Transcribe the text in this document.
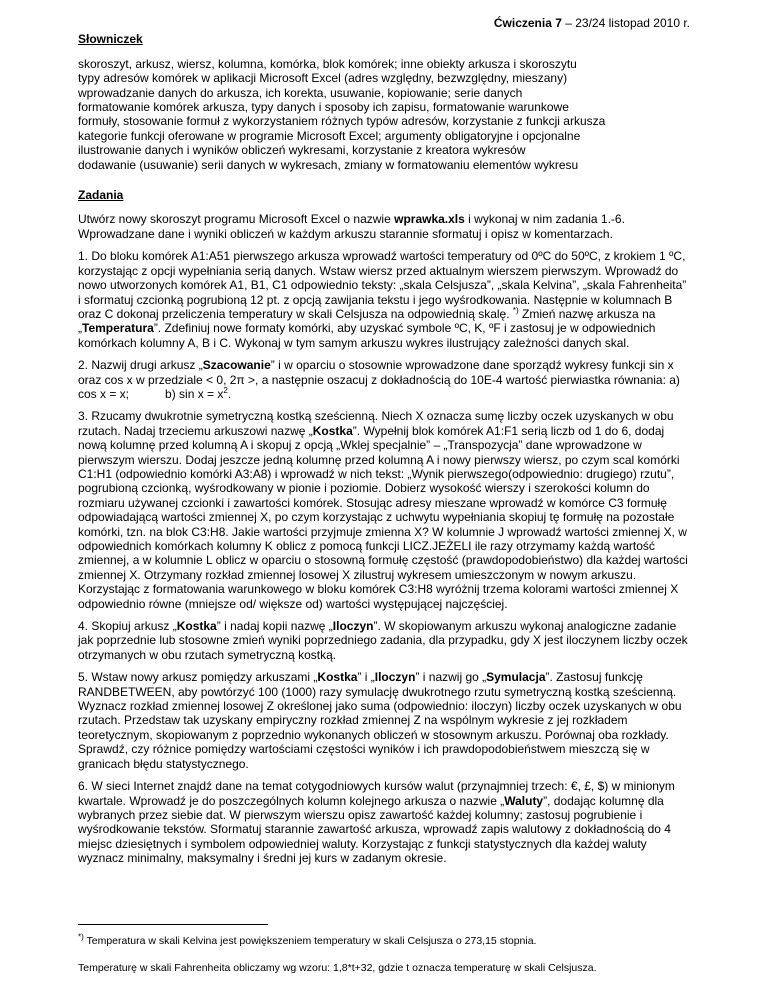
Ćwiczenia 7 – 23/24 listopad 2010 r.
Słowniczek
skoroszyt, arkusz, wiersz, kolumna, komórka, blok komórek; inne obiekty arkusza i skoroszytu
typy adresów komórek w aplikacji Microsoft Excel (adres względny, bezwzględny, mieszany)
wprowadzanie danych do arkusza, ich korekta, usuwanie, kopiowanie; serie danych
formatowanie komórek arkusza, typy danych i sposoby ich zapisu, formatowanie warunkowe
formuły, stosowanie formuł z wykorzystaniem różnych typów adresów, korzystanie z funkcji arkusza
kategorie funkcji oferowane w programie Microsoft Excel; argumenty obligatoryjne i opcjonalne
ilustrowanie danych i wyników obliczeń wykresami, korzystanie z kreatora wykresów
dodawanie (usuwanie) serii danych w wykresach, zmiany w formatowaniu elementów wykresu
Zadania

Utwórz nowy skoroszyt programu Microsoft Excel o nazwie wprawka.xls i wykonaj w nim zadania 1.-6.
Wprowadzane dane i wyniki obliczeń w każdym arkuszu starannie sformatuj i opisz w komentarzach.

1. Do bloku komórek A1:A51 pierwszego arkusza wprowadź wartości temperatury od 0ºC do 50ºC, z krokiem 1 ºC, korzystając z opcji wypełniania serią danych. Wstaw wiersz przed aktualnym wierszem pierwszym. Wprowadź do nowo utworzonych komórek A1, B1, C1 odpowiednio teksty: „skala Celsjusza”, „skala Kelvina”, „skala Fahrenheita” i sformatuj czcionką pogrubioną 12 pt. z opcją zawijania tekstu i jego wyśrodkowania. Następnie w kolumnach B oraz C dokonaj przeliczenia temperatury w skali Celsjusza na odpowiednią skalę. *) Zmień nazwę arkusza na „Temperatura”. Zdefiniuj nowe formaty komórki, aby uzyskać symbole ºC, K, ºF i zastosuj je w odpowiednich komórkach kolumny A, B i C. Wykonaj w tym samym arkuszu wykres ilustrujący zależności danych skal.

2. Nazwij drugi arkusz „Szacowanie” i w oparciu o stosownie wprowadzone dane sporządź wykresy funkcji sin x oraz cos x w przedziale < 0, 2π >, a następnie oszacuj z dokładnością do 10E-4 wartość pierwiastka równania: a) cos x = x;	b) $\sin x = x^2$.

3. Rzucamy dwukrotnie symetryczną kostką sześcienną. Niech X oznacza sumę liczby oczek uzyskanych w obu rzutach. Nadaj trzeciemu arkuszowi nazwę „Kostka”. Wypełnij blok komórek A1:F1 serią liczb od 1 do 6, dodaj nową kolumnę przed kolumną A i skopuj z opcją „Wklej specjalnie” – „Transpozycja” dane wprowadzone w pierwszym wierszu. Dodaj jeszcze jedną kolumnę przed kolumną A i nowy pierwszy wiersz, po czym scal komórki C1:H1 (odpowiednio komórki A3:A8) i wprowadź w nich tekst: „Wynik pierwszego(odpowiednio: drugiego) rzutu”, pogrubioną czcionką, wyśrodkowany w pionie i poziomie. Dobierz wysokość wierszy i szerokości kolumn do rozmiaru używanej czcionki i zawartości komórek. Stosując adresy mieszane wprowadź w komórce C3 formułę odpowiadającą wartości zmiennej X, po czym korzystając z uchwytu wypełniania skopiuj tę formułę na pozostałe komórki, tzn. na blok C3:H8. Jakie wartości przyjmuje zmienna X? W kolumnie J wprowadź wartości zmiennej X, w odpowiednich komórkach kolumny K oblicz z pomocą funkcji LICZ.JEŻELI ile razy otrzymamy każdą wartość zmiennej, a w kolumnie L oblicz w oparciu o stosowną formułę częstość (prawdopodobieństwo) dla każdej wartości zmiennej X. Otrzymany rozkład zmiennej losowej X zilustruj wykresem umieszczonym w nowym arkuszu. Korzystając z formatowania warunkowego w bloku komórek C3:H8 wyróżnij trzema kolorami wartości zmiennej X odpowiednio równe (mniejsze od/ większe od) wartości występującej najczęściej.

4. Skopiuj arkusz „Kostka” i nadaj kopii nazwę „Iloczyn”. W skopiowanym arkuszu wykonaj analogiczne zadanie jak poprzednie lub stosowne zmień wyniki poprzedniego zadania, dla przypadku, gdy X jest iloczynem liczby oczek otrzymanych w obu rzutach symetryczną kostką.

5. Wstaw nowy arkusz pomiędzy arkuszami „Kostka” i „Iloczyn” i nazwij go „Symulacja”. Zastosuj funkcję RANDBETWEEN, aby powtórzyć 100 (1000) razy symulację dwukrotnego rzutu symetryczną kostką sześcienną. Wyznacz rozkład zmiennej losowej Z określonej jako suma (odpowiednio: iloczyn) liczby oczek uzyskanych w obu rzutach. Przedstaw tak uzyskany empiryczny rozkład zmiennej Z na wspólnym wykresie z jej rozkładem teoretycznym, skopiowanym z poprzednio wykonanych obliczeń w stosownym arkuszu. Porównaj oba rozkłady. Sprawdź, czy różnice pomiędzy wartościami częstości wyników i ich prawdopodobieństwem mieszczą się w granicach błędu statystycznego.

6. W sieci Internet znajdź dane na temat cotygodniowych kursów walut (przynajmniej trzech: €, £, $) w minionym kwartale. Wprowadź je do poszczególnych kolumn kolejnego arkusza o nazwie „Waluty”, dodając kolumnę dla wybranych przez siebie dat. W pierwszym wierszu opisz zawartość każdej kolumny; zastosuj pogrubienie i wyśrodkowanie tekstów. Sformatuj starannie zawartość arkusza, wprowadź zapis walutowy z dokładnością do 4 miejsc dziesiętnych i symbolem odpowiedniej waluty. Korzystając z funkcji statystycznych dla każdej waluty wyznacz minimalny, maksymalny i średni jej kurs w zadanym okresie.

*) Temperatura w skali Kelvina jest powiększeniem temperatury w skali Celsjusza o 273,15 stopnia.
Temperaturę w skali Fahrenheita obliczamy wg wzoru: 1,8*t+32, gdzie t oznacza temperaturę w skali Celsjusza.
